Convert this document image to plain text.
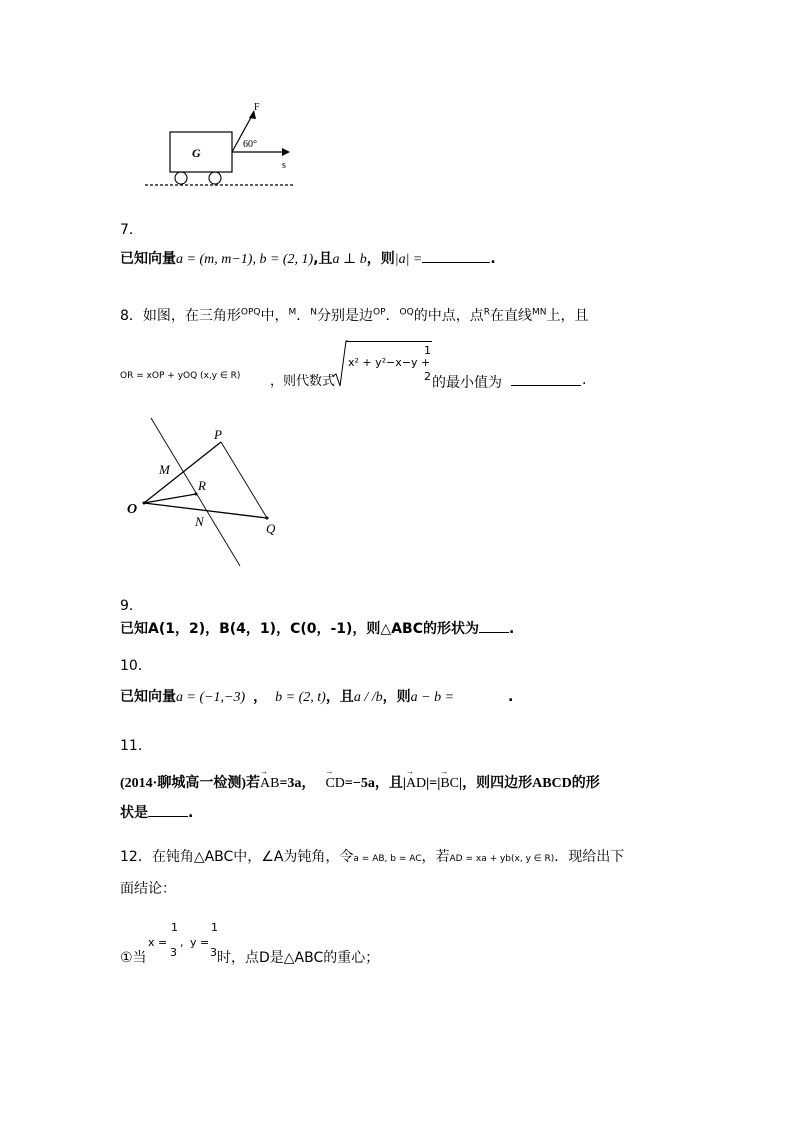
F
60°
G
s
7．
已知向量a = (m, m−1), b = (2, 1),且a ⊥ b，则|a| =	.
8．如图，在三角形$^{OPQ}$中，$^M$．$^N$分别是边$^{OP}$．$^{OQ}$的中点，点$^R$在直线$^{MN}$上，且
OR = xOP + yOQ (x,y ∈ R) ，则代数式
x² + y²−x−y +
1
2 的最小值为	.
P
M
R
O
N	Q
9．
已知A(1，2)，B(4，1)，C(0，-1)，则△ABC的形状为 .
10．
已知向量a = (−1,−3) ， b = (2, t)，且a / /b，则a − b =	.
11．
(2014·聊城高一检测)若→ AB=3a，→ CD=−5a，且|→ AD|=|→ BC|，则四边形ABCD的形
状是	.
12．在钝角△ABC中，∠A为钝角，令a = AB, b = AC，若AD = xa + yb(x, y ∈ R)．现给出下
面结论：
x =
1
3
, y =
1
3
①当	时，点D是△ABC的重心；
